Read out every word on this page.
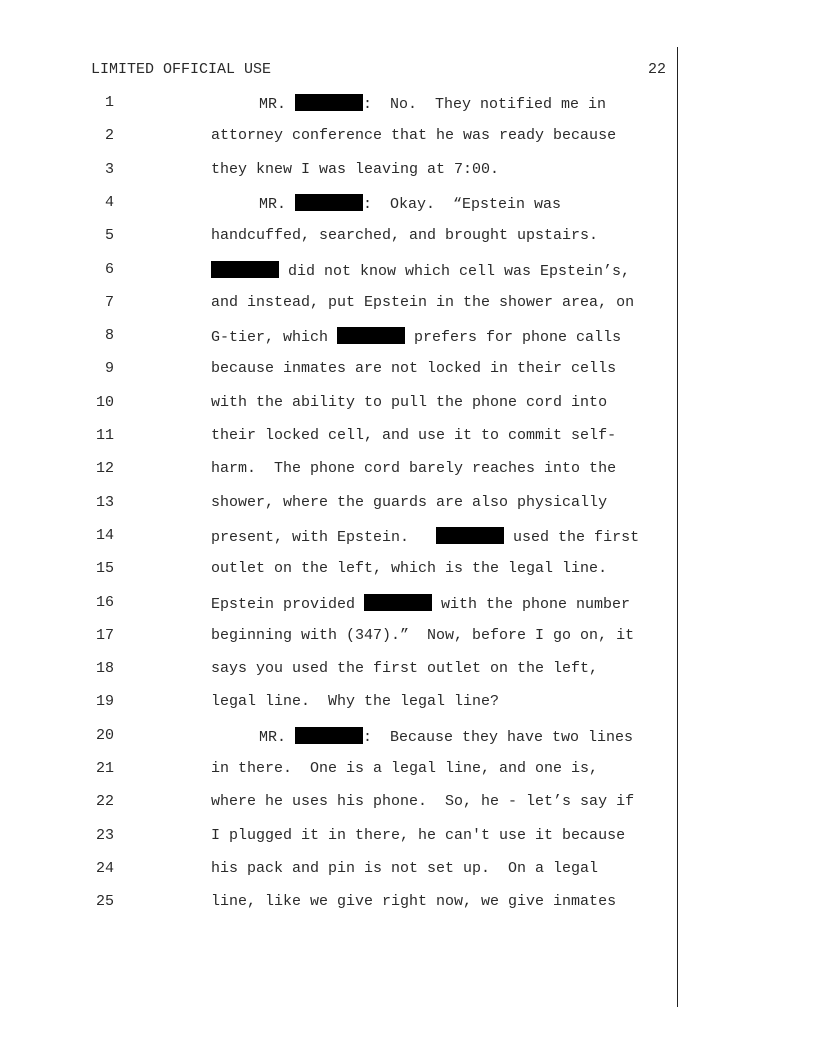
LIMITED OFFICIAL USE	22
1	MR.	:  No.  They notified me in
2	attorney conference that he was ready because
3	they knew I was leaving at 7:00.
4	MR.	:  Okay.  “Epstein was
5	handcuffed, searched, and brought upstairs.
6	did not know which cell was Epstein’s,
7	and instead, put Epstein in the shower area, on
8	G-tier, which	prefers for phone calls
9	because inmates are not locked in their cells
10	with the ability to pull the phone cord into
11	their locked cell, and use it to commit self-
12	harm.  The phone cord barely reaches into the
13	shower, where the guards are also physically
14	present, with Epstein.	used the first
15	outlet on the left, which is the legal line.
16	Epstein provided	with the phone number
17	beginning with (347).”  Now, before I go on, it
18	says you used the first outlet on the left,
19	legal line.  Why the legal line?
20	MR.	:  Because they have two lines
21	in there.  One is a legal line, and one is,
22	where he uses his phone.  So, he - let’s say if
23	I plugged it in there, he can't use it because
24	his pack and pin is not set up.  On a legal
25	line, like we give right now, we give inmates
